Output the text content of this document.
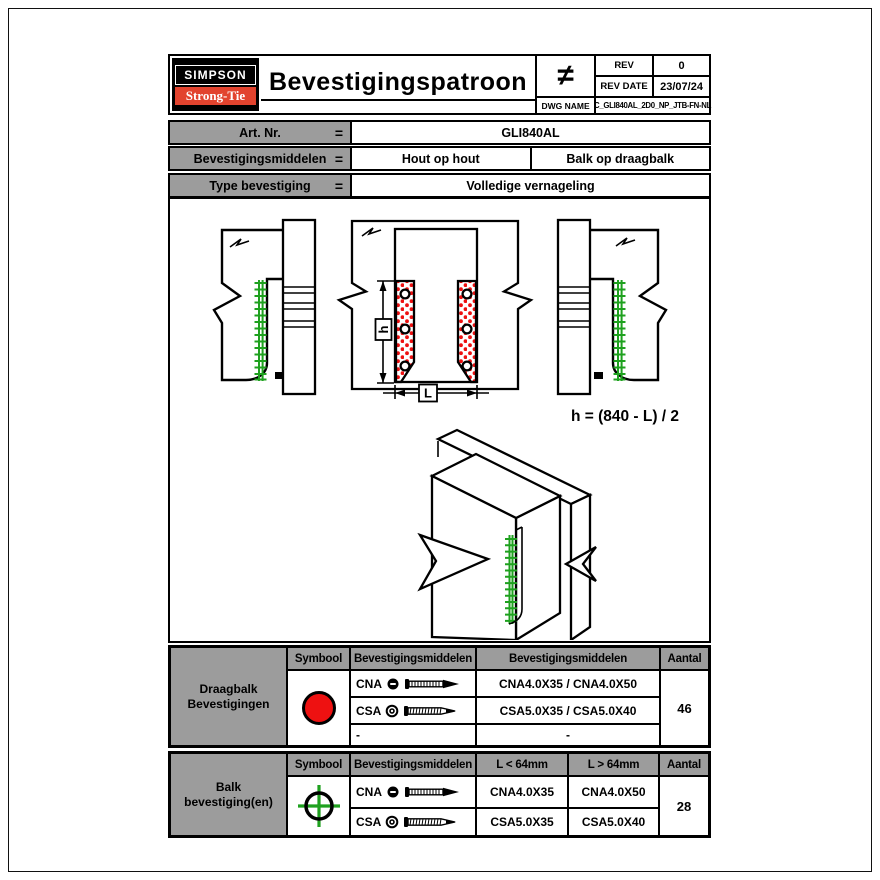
SIMPSON
Strong-Tie Bevestigingspatroon	≠	REV	0
REV DATE	23/07/24
DWG NAME C_GLI840AL_2D0_NP_JTB-FN-NL
Art. Nr.	=	GLI840AL
Bevestigingsmiddelen =	Hout op hout	Balk op draagbalk
Type bevestiging =	Volledige vernageling
h
L
h = (840 - L) / 2
Draagbalk
Bevestigingen
Symbool	Bevestigingsmiddelen	Bevestigingsmiddelen	Aantal
CNA	CNA4.0X35 / CNA4.0X50
CSA	CSA5.0X35 / CSA5.0X40
-	-
46
Balk
bevestiging(en)
Symbool	Bevestigingsmiddelen	L < 64mm	L > 64mm	Aantal
CNA	CNA4.0X35	CNA4.0X50
CSA	CSA5.0X35	CSA5.0X40
28
